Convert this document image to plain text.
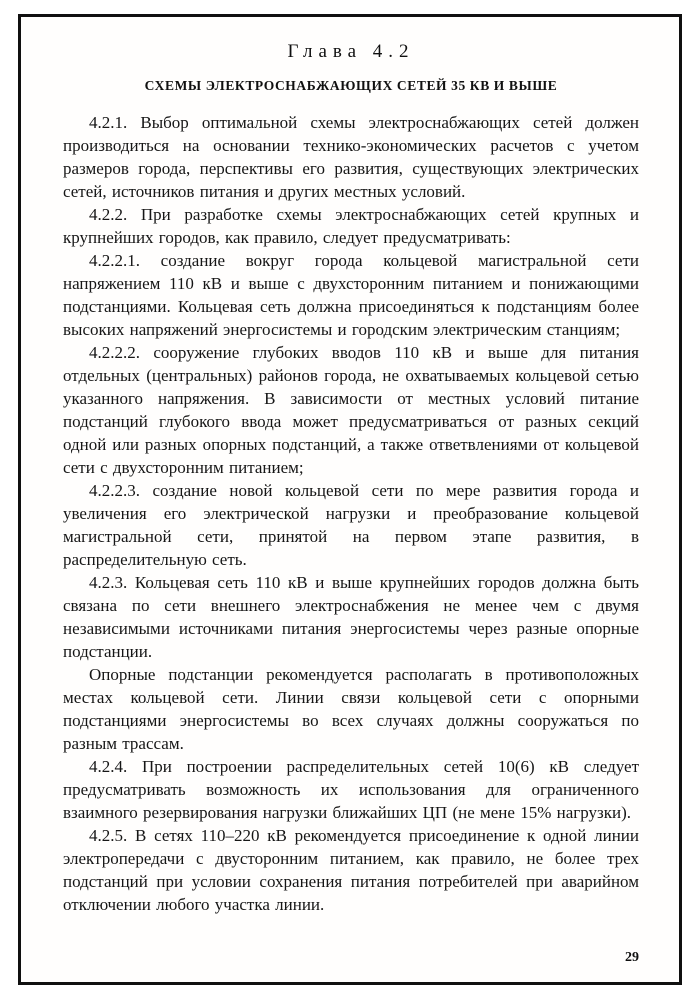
Глава 4.2
СХЕМЫ ЭЛЕКТРОСНАБЖАЮЩИХ СЕТЕЙ 35 КВ И ВЫШЕ

4.2.1. Выбор оптимальной схемы электроснабжающих сетей должен производиться на основании технико-экономических расчетов с учетом размеров города, перспективы его развития, существующих электрических сетей, источников питания и других местных условий.

4.2.2. При разработке схемы электроснабжающих сетей крупных и крупнейших городов, как правило, следует предусматривать:

4.2.2.1. создание вокруг города кольцевой магистральной сети напряжением 110 кВ и выше с двухсторонним питанием и понижающими подстанциями. Кольцевая сеть должна присоединяться к подстанциям более высоких напряжений энергосистемы и городским электрическим станциям;

4.2.2.2. сооружение глубоких вводов 110 кВ и выше для питания отдельных (центральных) районов города, не охватываемых кольцевой сетью указанного напряжения. В зависимости от местных условий питание подстанций глубокого ввода может предусматриваться от разных секций одной или разных опорных подстанций, а также ответвлениями от кольцевой сети с двухсторонним питанием;

4.2.2.3. создание новой кольцевой сети по мере развития города и увеличения его электрической нагрузки и преобразование кольцевой магистральной сети, принятой на первом этапе развития, в распределительную сеть.

4.2.3. Кольцевая сеть 110 кВ и выше крупнейших городов должна быть связана по сети внешнего электроснабжения не менее чем с двумя независимыми источниками питания энергосистемы через разные опорные подстанции.

Опорные подстанции рекомендуется располагать в противоположных местах кольцевой сети. Линии связи кольцевой сети с опорными подстанциями энергосистемы во всех случаях должны сооружаться по разным трассам.

4.2.4. При построении распределительных сетей 10(6) кВ следует предусматривать возможность их использования для ограниченного взаимного резервирования нагрузки ближайших ЦП (не мене 15% нагрузки).

4.2.5. В сетях 110–220 кВ рекомендуется присоединение к одной линии электропередачи с двусторонним питанием, как правило, не более трех подстанций при условии сохранения питания потребителей при аварийном отключении любого участка линии.

29
